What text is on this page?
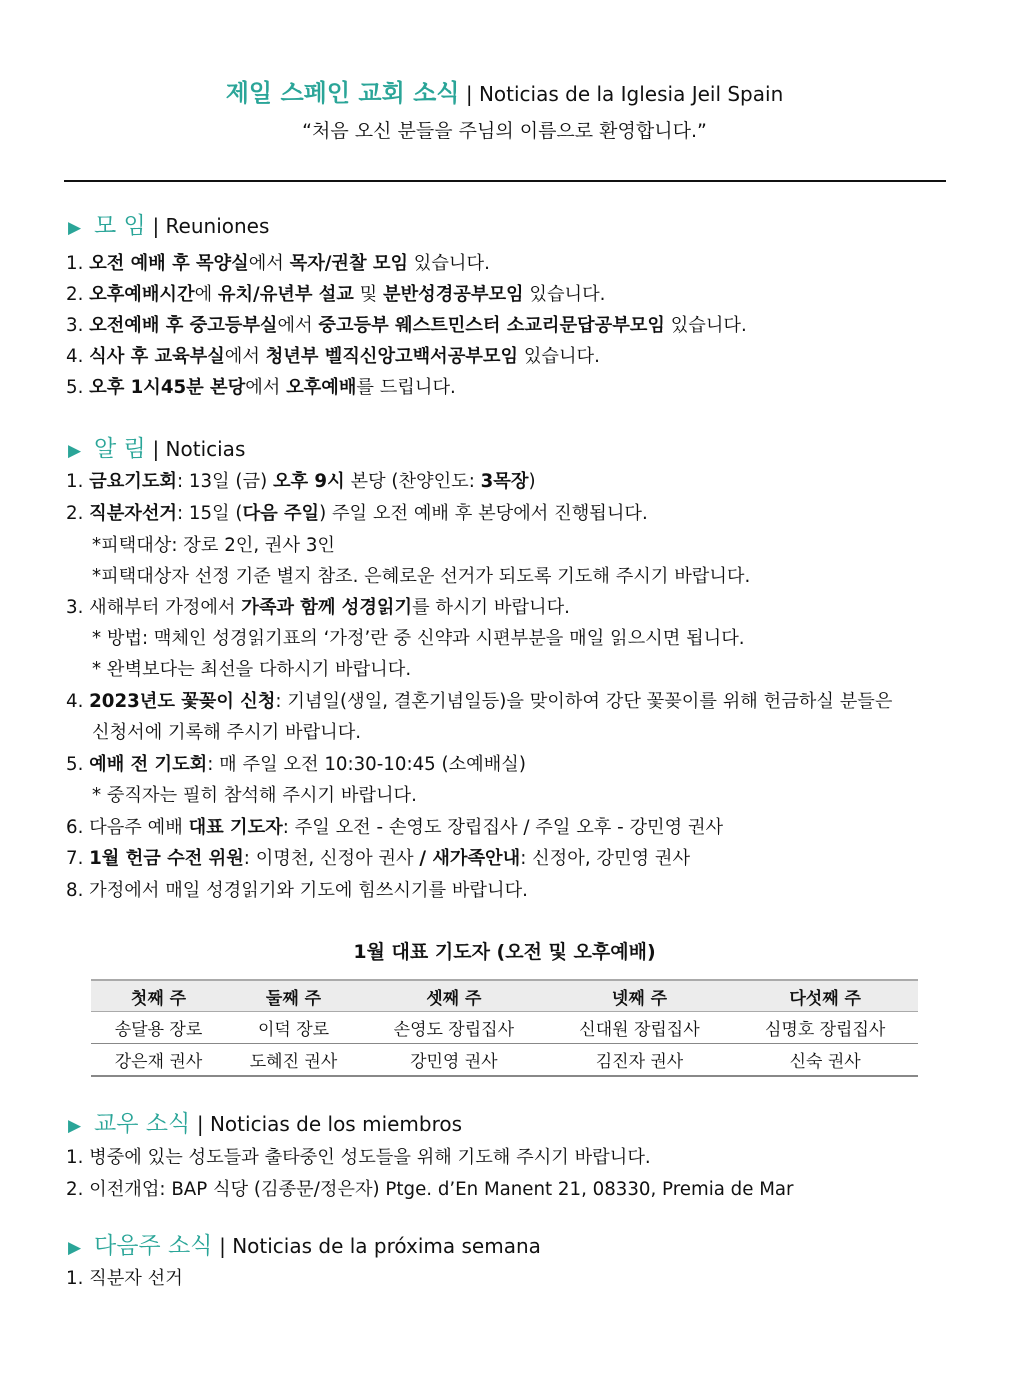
제일 스페인 교회 소식 | Noticias de la Iglesia Jeil Spain
“처음 오신 분들을 주님의 이름으로 환영합니다.”
▶ 모 임 | Reuniones
1. 오전 예배 후 목양실에서 목자/권찰 모임 있습니다.
2. 오후예배시간에 유치/유년부 설교 및 분반성경공부모임 있습니다.
3. 오전예배 후 중고등부실에서 중고등부 웨스트민스터 소교리문답공부모임 있습니다.
4. 식사 후 교육부실에서 청년부 벨직신앙고백서공부모임 있습니다.
5. 오후 1시45분 본당에서 오후예배를 드립니다.
▶ 알 림 | Noticias
1. 금요기도회: 13일 (금) 오후 9시 본당 (찬양인도: 3목장)
2. 직분자선거: 15일 (다음 주일) 주일 오전 예배 후 본당에서 진행됩니다.
*피택대상: 장로 2인, 권사 3인
*피택대상자 선정 기준 별지 참조. 은혜로운 선거가 되도록 기도해 주시기 바랍니다.
3. 새해부터 가정에서 가족과 함께 성경읽기를 하시기 바랍니다.
* 방법: 맥체인 성경읽기표의 ‘가정’란 중 신약과 시편부분을 매일 읽으시면 됩니다.
* 완벽보다는 최선을 다하시기 바랍니다.
4. 2023년도 꽃꽂이 신청: 기념일(생일, 결혼기념일등)을 맞이하여 강단 꽃꽂이를 위해 헌금하실 분들은
신청서에 기록해 주시기 바랍니다.
5. 예배 전 기도회: 매 주일 오전 10:30-10:45 (소예배실)
* 중직자는 필히 참석해 주시기 바랍니다.
6. 다음주 예배 대표 기도자: 주일 오전 - 손영도 장립집사 / 주일 오후 - 강민영 권사
7. 1월 헌금 수전 위원: 이명천, 신정아 권사 / 새가족안내: 신정아, 강민영 권사
8. 가정에서 매일 성경읽기와 기도에 힘쓰시기를 바랍니다.
1월 대표 기도자 (오전 및 오후예배)
첫째 주	둘째 주	셋째 주	넷째 주	다섯째 주
송달용 장로	이덕 장로	손영도 장립집사	신대원 장립집사	심명호 장립집사
강은재 권사	도혜진 권사	강민영 권사	김진자 권사	신숙 권사
▶ 교우 소식 | Noticias de los miembros
1. 병중에 있는 성도들과 출타중인 성도들을 위해 기도해 주시기 바랍니다.
2. 이전개업: BAP 식당 (김종문/정은자) Ptge. d’En Manent 21, 08330, Premia de Mar
▶ 다음주 소식 | Noticias de la próxima semana
1. 직분자 선거
